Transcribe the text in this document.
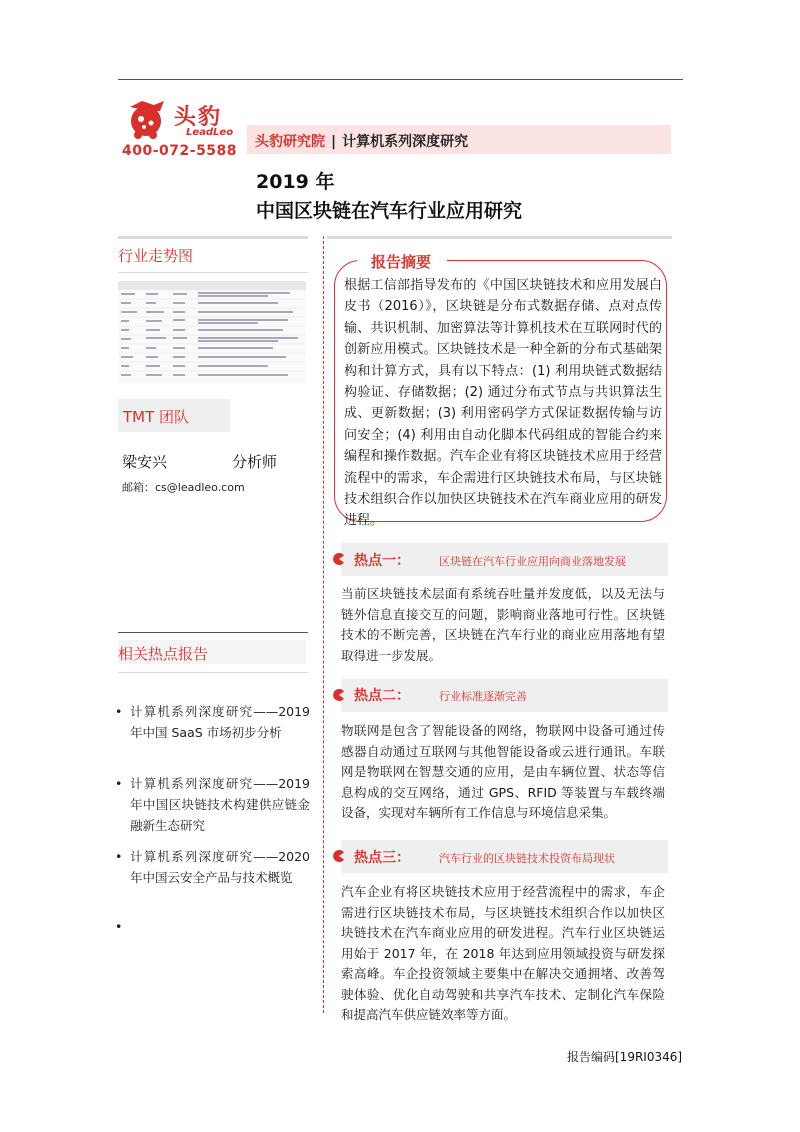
头豹
LeadLeo
400-072-5588
头豹研究院 | 计算机系列深度研究
2019 年
中国区块链在汽车行业应用研究
行业走势图
TMT 团队
梁安兴	分析师
邮箱：cs@leadleo.com
相关热点报告
• 计算机系列深度研究——2019 年中国 SaaS 市场初步分析
• 计算机系列深度研究——2019 年中国区块链技术构建供应链金融新生态研究
• 计算机系列深度研究——2020 年中国云安全产品与技术概览
•
报告摘要
根据工信部指导发布的《中国区块链技术和应用发展白皮书（2016）》，区块链是分布式数据存储、点对点传输、共识机制、加密算法等计算机技术在互联网时代的创新应用模式。区块链技术是一种全新的分布式基础架构和计算方式，具有以下特点：(1) 利用块链式数据结构验证、存储数据；(2) 通过分布式节点与共识算法生成、更新数据；(3) 利用密码学方式保证数据传输与访问安全；(4) 利用由自动化脚本代码组成的智能合约来编程和操作数据。汽车企业有将区块链技术应用于经营流程中的需求，车企需进行区块链技术布局，与区块链技术组织合作以加快区块链技术在汽车商业应用的研发进程。
热点一：	区块链在汽车行业应用向商业落地发展
当前区块链技术层面有系统吞吐量并发度低，以及无法与链外信息直接交互的问题，影响商业落地可行性。区块链技术的不断完善，区块链在汽车行业的商业应用落地有望取得进一步发展。
热点二：	行业标准逐渐完善
物联网是包含了智能设备的网络，物联网中设备可通过传感器自动通过互联网与其他智能设备或云进行通讯。车联网是物联网在智慧交通的应用，是由车辆位置、状态等信息构成的交互网络，通过 GPS、RFID 等装置与车载终端设备，实现对车辆所有工作信息与环境信息采集。
热点三：	汽车行业的区块链技术投资布局现状
汽车企业有将区块链技术应用于经营流程中的需求，车企需进行区块链技术布局，与区块链技术组织合作以加快区块链技术在汽车商业应用的研发进程。汽车行业区块链运用始于 2017 年，在 2018 年达到应用领域投资与研发探索高峰。车企投资领域主要集中在解决交通拥堵、改善驾驶体验、优化自动驾驶和共享汽车技术、定制化汽车保险和提高汽车供应链效率等方面。
报告编码[19RI0346]
